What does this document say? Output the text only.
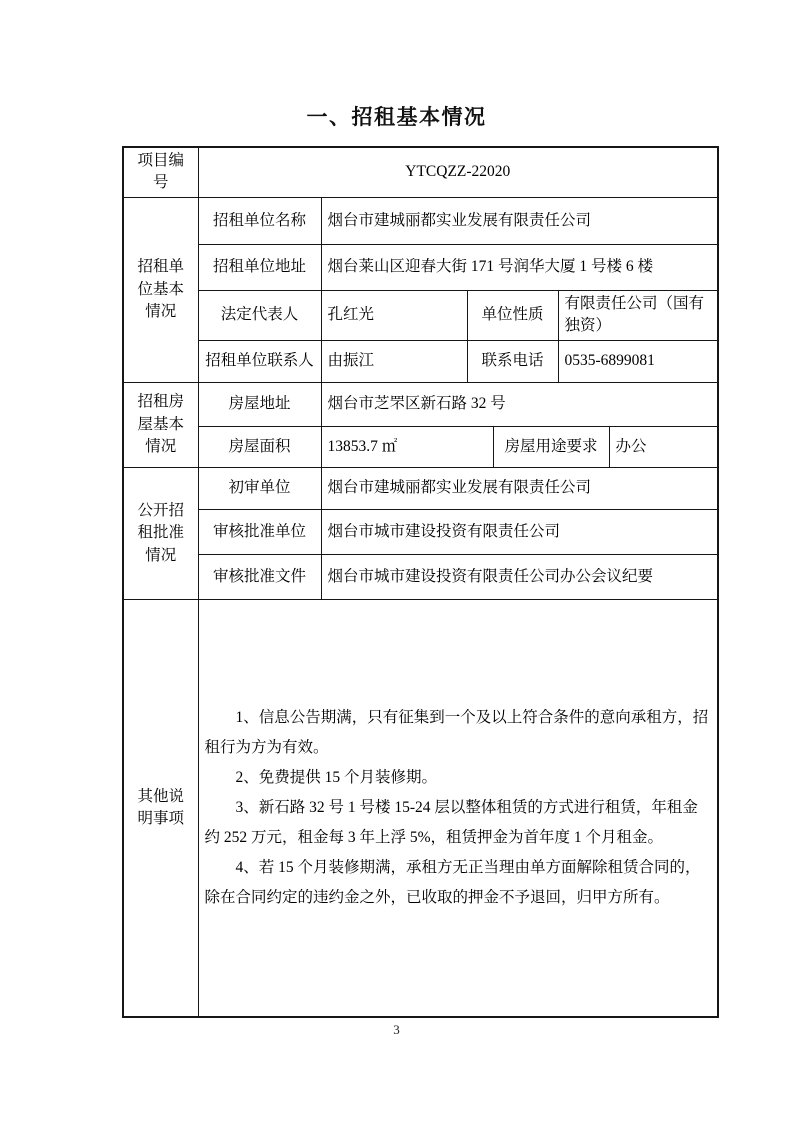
一、招租基本情况
项目编号	YTCQZZ-22020					
招租单位基本情况	招租单位名称	烟台市建城丽都实业发展有限责任公司				
	招租单位地址	烟台莱山区迎春大街 171 号润华大厦 1 号楼 6 楼				
	法定代表人	孔红光	单位性质		有限责任公司（国有独资）	
	招租单位联系人	由振江	联系电话		0535-6899081	
招租房屋基本情况	房屋地址	烟台市芝罘区新石路 32 号				
	房屋面积	13853.7 ㎡		房屋用途要求		办公
公开招租批准情况	初审单位	烟台市建城丽都实业发展有限责任公司				
	审核批准单位	烟台市城市建设投资有限责任公司				
	审核批准文件	烟台市城市建设投资有限责任公司办公会议纪要				
其他说明事项	1、信息公告期满，只有征集到一个及以上符合条件的意向承租方，招租行为方为有效。

2、免费提供 15 个月装修期。

3、新石路 32 号 1 号楼 15-24 层以整体租赁的方式进行租赁，年租金约 252 万元，租金每 3 年上浮 5%，租赁押金为首年度 1 个月租金。

4、若 15 个月装修期满，承租方无正当理由单方面解除租赁合同的，除在合同约定的违约金之外，已收取的押金不予退回，归甲方所有。					

3
